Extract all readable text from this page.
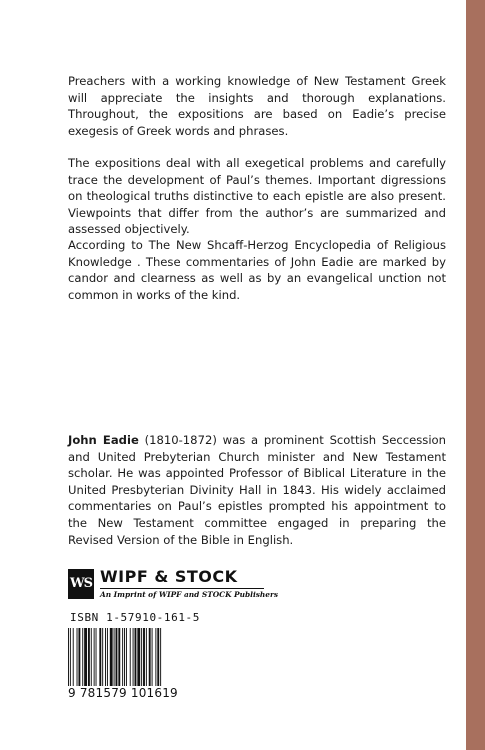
Preachers with a working knowledge of New Testament Greek will appreciate the insights and thorough explanations. Throughout, the expositions are based on Eadie’s precise exegesis of Greek words and phrases.

The expositions deal with all exegetical problems and carefully trace the development of Paul’s themes. Important digressions on theological truths distinctive to each epistle are also present. Viewpoints that differ from the author’s are summarized and assessed objectively.

According to The New Shcaff-Herzog Encyclopedia of Religious Knowledge . These commentaries of John Eadie are marked by candor and clearness as well as by an evangelical unction not common in works of the kind.

John Eadie (1810-1872) was a prominent Scottish Seccession and United Prebyterian Church minister and New Testament scholar. He was appointed Professor of Biblical Literature in the United Presbyterian Divinity Hall in 1843. His widely acclaimed commentaries on Paul’s epistles prompted his appointment to the New Testament committee engaged in preparing the Revised Version of the Bible in English.

WS WIPF & STOCK
An Imprint of WIPF and STOCK Publishers
ISBN 1-57910-161-5
9 781579 101619
